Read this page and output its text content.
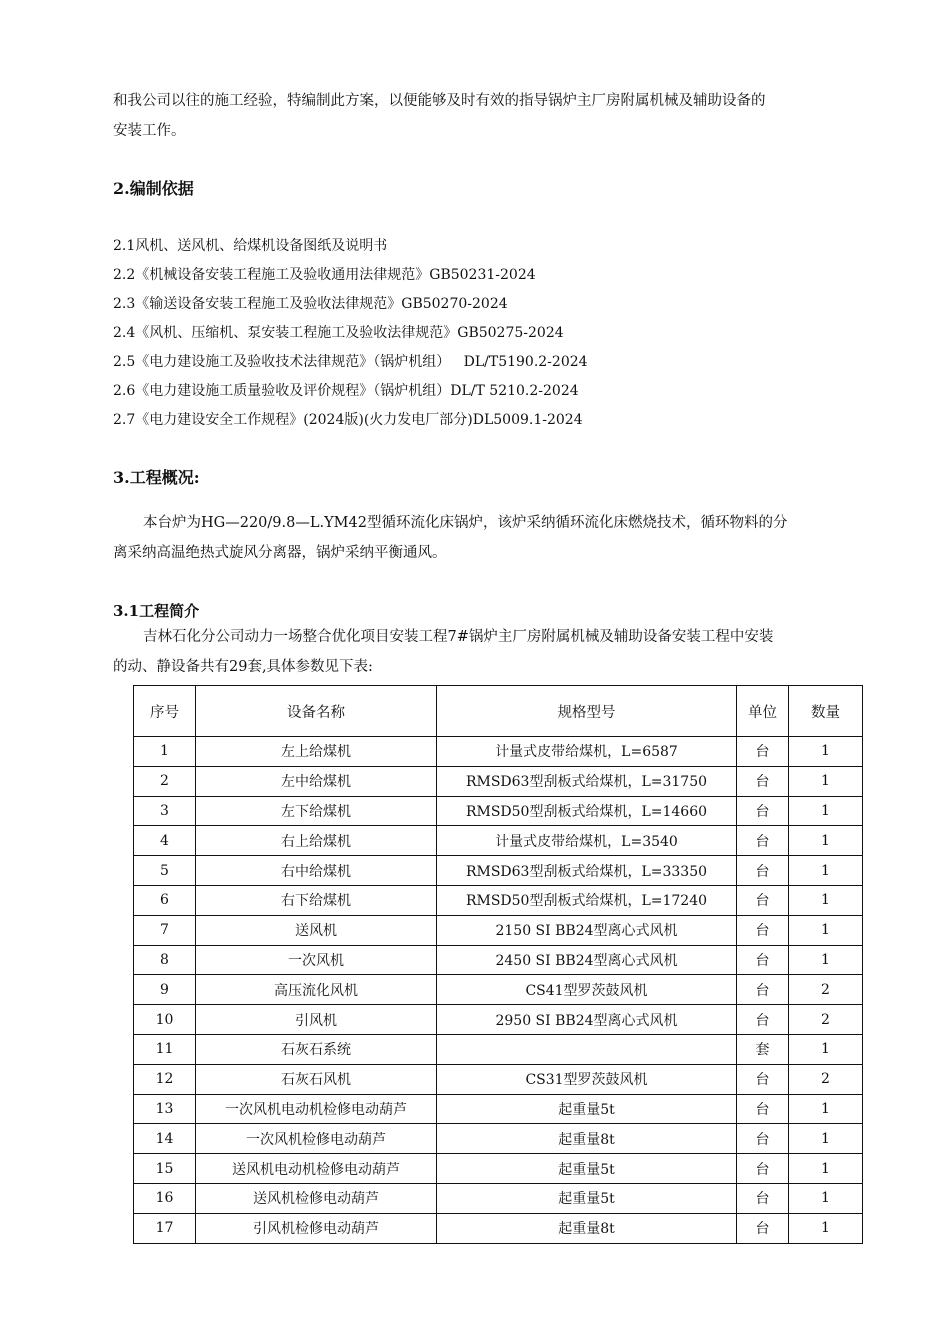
和我公司以往的施工经验，特编制此方案，以便能够及时有效的指导锅炉主厂房附属机械及辅助设备的

安装工作。

2.编制依据

2.1风机、送风机、给煤机设备图纸及说明书

2.2《机械设备安装工程施工及验收通用法律规范》GB50231-2024

2.3《输送设备安装工程施工及验收法律规范》GB50270-2024

2.4《风机、压缩机、泵安装工程施工及验收法律规范》GB50275-2024

2.5《电力建设施工及验收技术法律规范》（锅炉机组）   DL/T5190.2-2024

2.6《电力建设施工质量验收及评价规程》（锅炉机组）DL/T 5210.2-2024

2.7《电力建设安全工作规程》(2024版)(火力发电厂部分)DL5009.1-2024

3.工程概况:

本台炉为HG—220/9.8—L.YM42型循环流化床锅炉，该炉采纳循环流化床燃烧技术，循环物料的分

离采纳高温绝热式旋风分离器，锅炉采纳平衡通风。

3.1工程简介

吉林石化分公司动力一场整合优化项目安装工程7#锅炉主厂房附属机械及辅助设备安装工程中安装

的动、静设备共有29套,具体参数见下表:

序号	设备名称	规格型号	单位	数量
1	左上给煤机	计量式皮带给煤机，L=6587	台	1
2	左中给煤机	RMSD63型刮板式给煤机，L=31750	台	1
3	左下给煤机	RMSD50型刮板式给煤机，L=14660	台	1
4	右上给煤机	计量式皮带给煤机，L=3540	台	1
5	右中给煤机	RMSD63型刮板式给煤机，L=33350	台	1
6	右下给煤机	RMSD50型刮板式给煤机，L=17240	台	1
7	送风机	2150 SI BB24型离心式风机	台	1
8	一次风机	2450 SI BB24型离心式风机	台	1
9	高压流化风机	CS41型罗茨鼓风机	台	2
10	引风机	2950 SI BB24型离心式风机	台	2
11	石灰石系统		套	1
12	石灰石风机	CS31型罗茨鼓风机	台	2
13	一次风机电动机检修电动葫芦	起重量5t	台	1
14	一次风机检修电动葫芦	起重量8t	台	1
15	送风机电动机检修电动葫芦	起重量5t	台	1
16	送风机检修电动葫芦	起重量5t	台	1
17	引风机检修电动葫芦	起重量8t	台	1
